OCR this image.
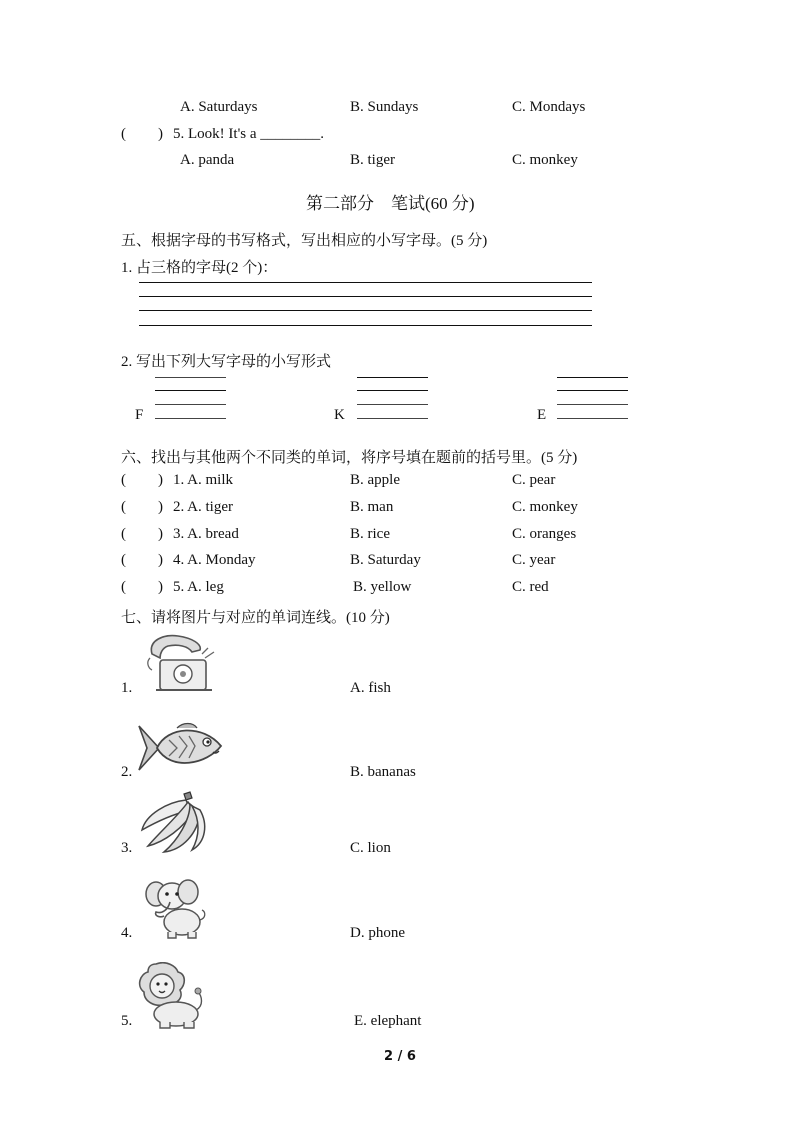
A. Saturdays	B. Sundays	C. Mondays
( ) 5. Look! It's a ________.
A. panda	B. tiger	C. monkey
第二部分　笔试(60 分)
五、根据字母的书写格式，写出相应的小写字母。(5 分)
1. 占三格的字母(2 个)：
2. 写出下列大写字母的小写形式
F	K	E
六、找出与其他两个不同类的单词，将序号填在题前的括号里。(5 分)
( ) 1. A. milk	B. apple	C. pear
( ) 2. A. tiger	B. man	C. monkey
( ) 3. A. bread	B. rice	C. oranges
( ) 4. A. Monday	B. Saturday	C. year
( ) 5. A. leg	B. yellow	C. red
七、请将图片与对应的单词连线。(10 分)
1.	A. fish
2.	B. bananas
3.	C. lion
4.	D. phone
5.	E. elephant
2 / 6
